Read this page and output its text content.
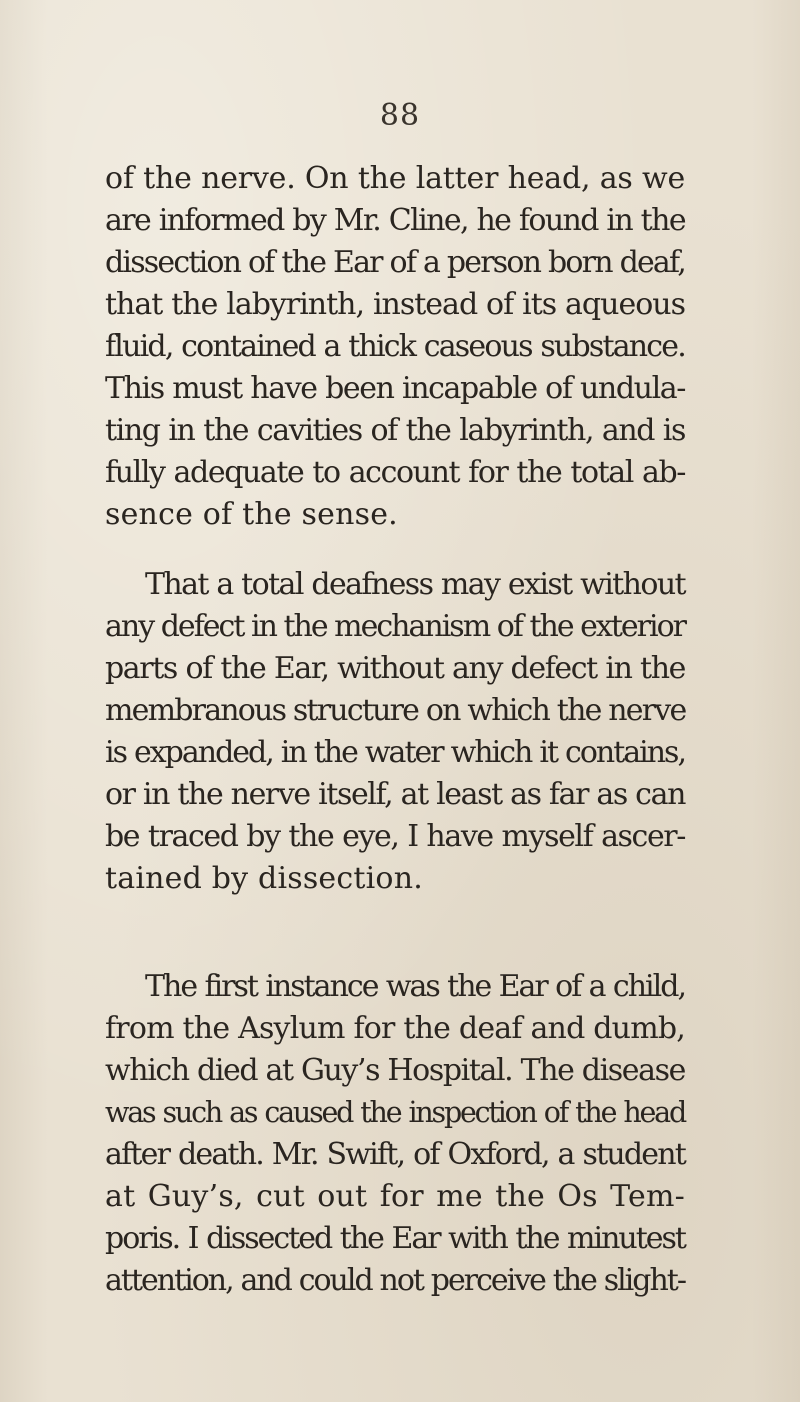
88
of the nerve. On the latter head, as we
are informed by Mr. Cline, he found in the
dissection of the Ear of a person born deaf,
that the labyrinth, instead of its aqueous
fluid, contained a thick caseous substance.
This must have been incapable of undula-
ting in the cavities of the labyrinth, and is
fully adequate to account for the total ab-
sence of the sense.
That a total deafness may exist without
any defect in the mechanism of the exterior
parts of the Ear, without any defect in the
membranous structure on which the nerve
is expanded, in the water which it contains,
or in the nerve itself, at least as far as can
be traced by the eye, I have myself ascer-
tained by dissection.
The first instance was the Ear of a child,
from the Asylum for the deaf and dumb,
which died at Guy’s Hospital. The disease
was such as caused the inspection of the head
after death. Mr. Swift, of Oxford, a student
at Guy’s, cut out for me the Os Tem-
poris. I dissected the Ear with the minutest
attention, and could not perceive the slight-
